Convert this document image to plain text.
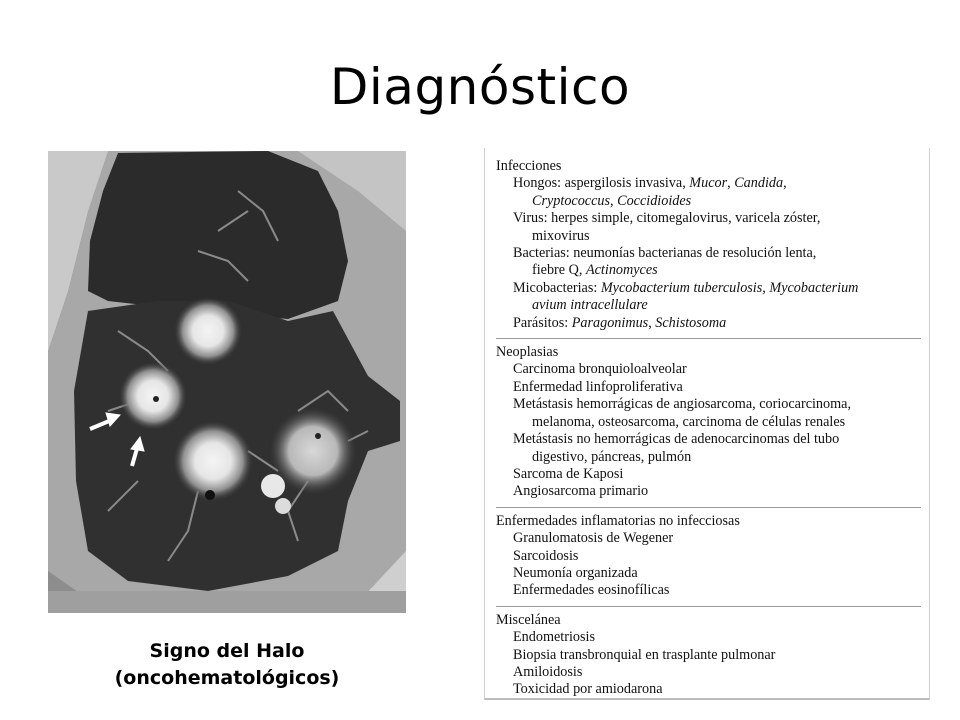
Diagnóstico
Signo del Halo
(oncohematológicos)
Infecciones
Hongos: aspergilosis invasiva, Mucor, Candida,
Cryptococcus, Coccidioides
Virus: herpes simple, citomegalovirus, varicela zóster,
mixovirus
Bacterias: neumonías bacterianas de resolución lenta,
fiebre Q, Actinomyces
Micobacterias: Mycobacterium tuberculosis, Mycobacterium
avium intracellulare
Parásitos: Paragonimus, Schistosoma
Neoplasias
Carcinoma bronquioloalveolar
Enfermedad linfoproliferativa
Metástasis hemorrágicas de angiosarcoma, coriocarcinoma,
melanoma, osteosarcoma, carcinoma de células renales
Metástasis no hemorrágicas de adenocarcinomas del tubo
digestivo, páncreas, pulmón
Sarcoma de Kaposi
Angiosarcoma primario
Enfermedades inflamatorias no infecciosas
Granulomatosis de Wegener
Sarcoidosis
Neumonía organizada
Enfermedades eosinofílicas
Miscelánea
Endometriosis
Biopsia transbronquial en trasplante pulmonar
Amiloidosis
Toxicidad por amiodarona
